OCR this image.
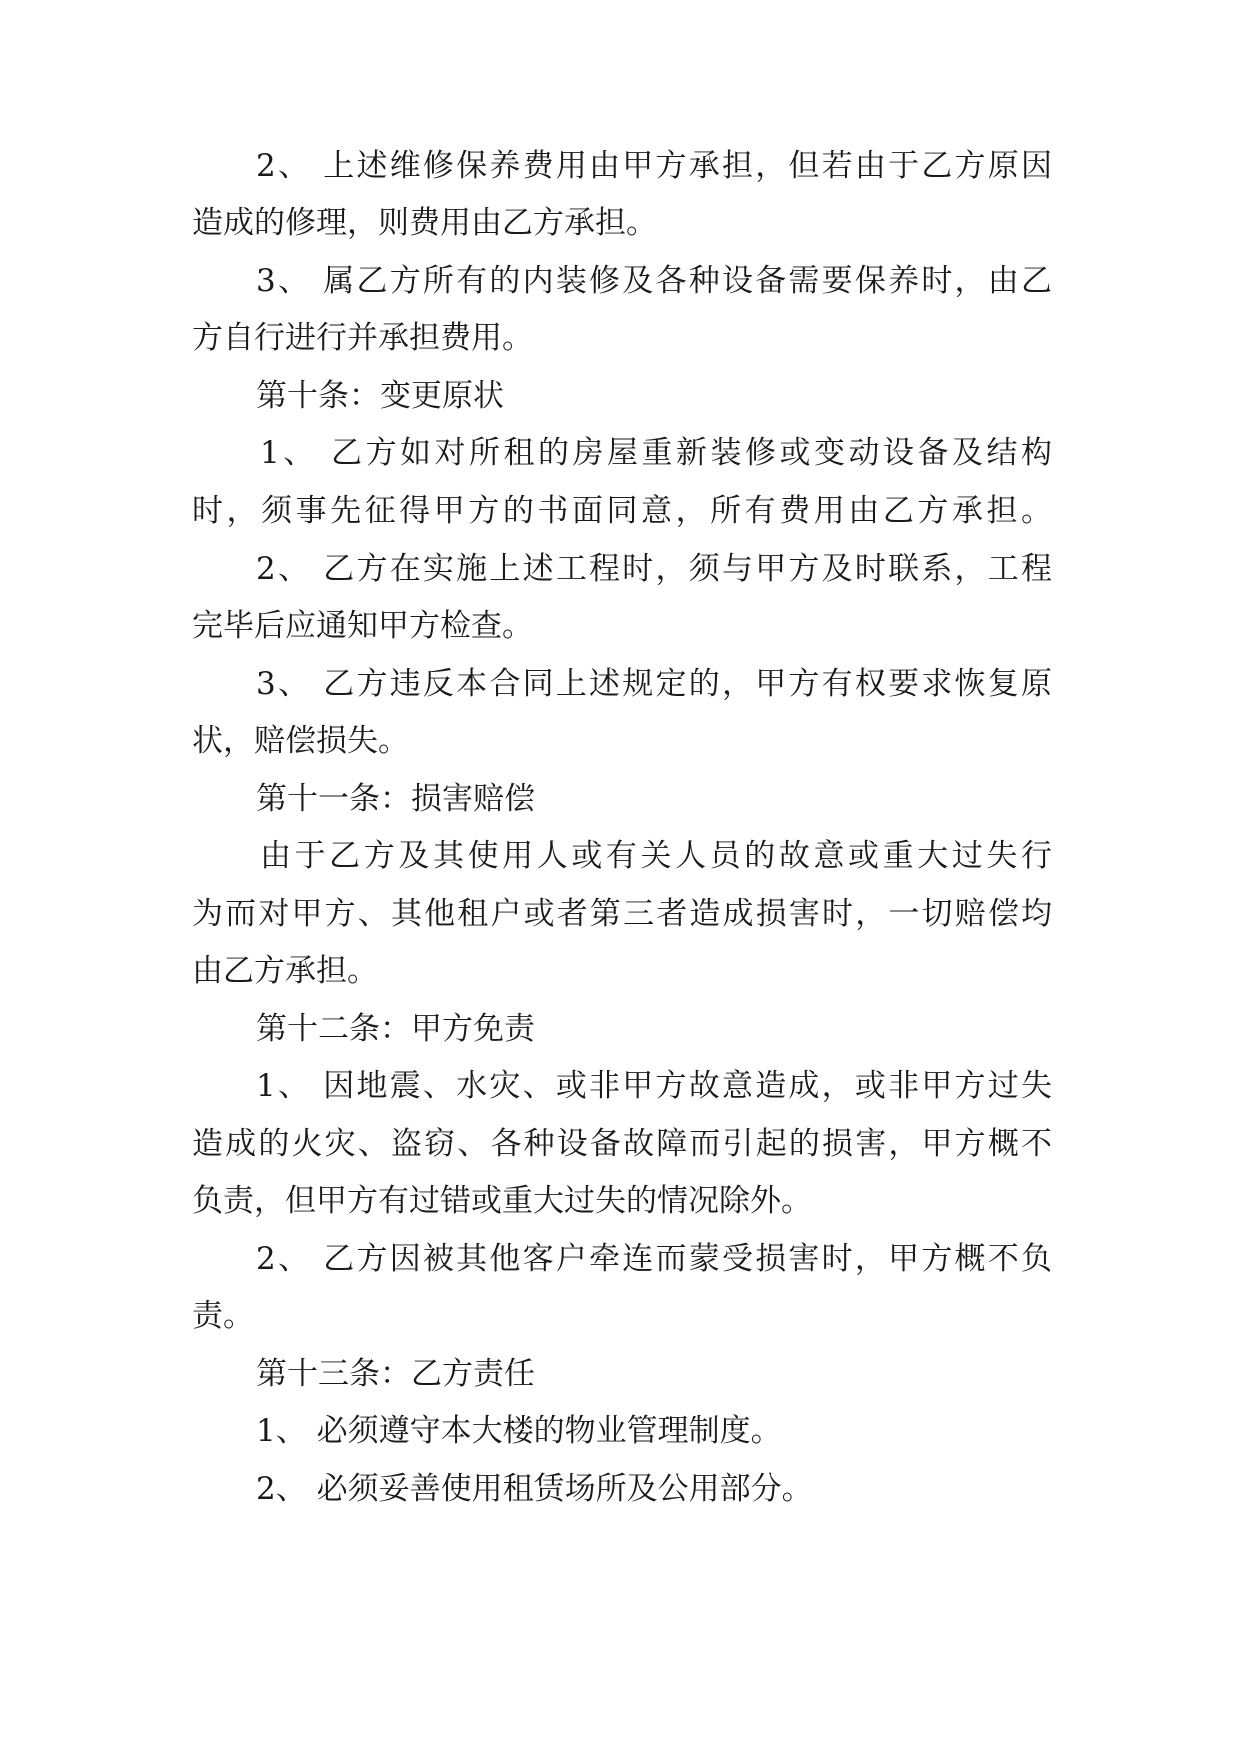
2、 上述维修保养费用由甲方承担，但若由于乙方原因
造成的修理，则费用由乙方承担。
3、 属乙方所有的内装修及各种设备需要保养时，由乙
方自行进行并承担费用。
第十条：变更原状
1、 乙方如对所租的房屋重新装修或变动设备及结构
时，须事先征得甲方的书面同意，所有费用由乙方承担。
2、 乙方在实施上述工程时，须与甲方及时联系，工程
完毕后应通知甲方检查。
3、 乙方违反本合同上述规定的，甲方有权要求恢复原
状，赔偿损失。
第十一条：损害赔偿
由于乙方及其使用人或有关人员的故意或重大过失行
为而对甲方、其他租户或者第三者造成损害时，一切赔偿均
由乙方承担。
第十二条：甲方免责
1、 因地震、水灾、或非甲方故意造成，或非甲方过失
造成的火灾、盗窃、各种设备故障而引起的损害，甲方概不
负责，但甲方有过错或重大过失的情况除外。
2、 乙方因被其他客户牵连而蒙受损害时，甲方概不负
责。
第十三条：乙方责任
1、 必须遵守本大楼的物业管理制度。
2、 必须妥善使用租赁场所及公用部分。
